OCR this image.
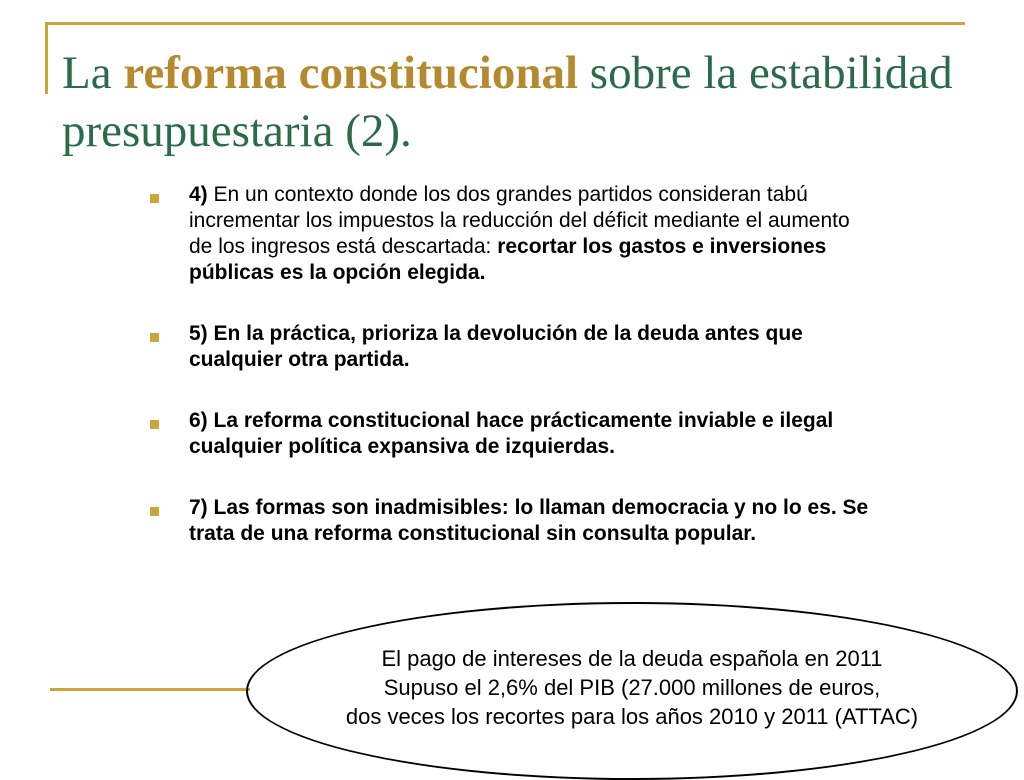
La reforma constitucional sobre la estabilidad presupuestaria (2).
4) En un contexto donde los dos grandes partidos consideran tabú incrementar los impuestos la reducción del déficit mediante el aumento de los ingresos está descartada: recortar los gastos e inversiones públicas es la opción elegida.
5) En la práctica, prioriza la devolución de la deuda antes que cualquier otra partida.
6) La reforma constitucional hace prácticamente inviable e ilegal cualquier política expansiva de izquierdas.
7) Las formas son inadmisibles: lo llaman democracia y no lo es. Se trata de una reforma constitucional sin consulta popular.
El pago de intereses de la deuda española en 2011
Supuso el 2,6% del PIB (27.000 millones de euros,
dos veces los recortes para los años 2010 y 2011 (ATTAC)
